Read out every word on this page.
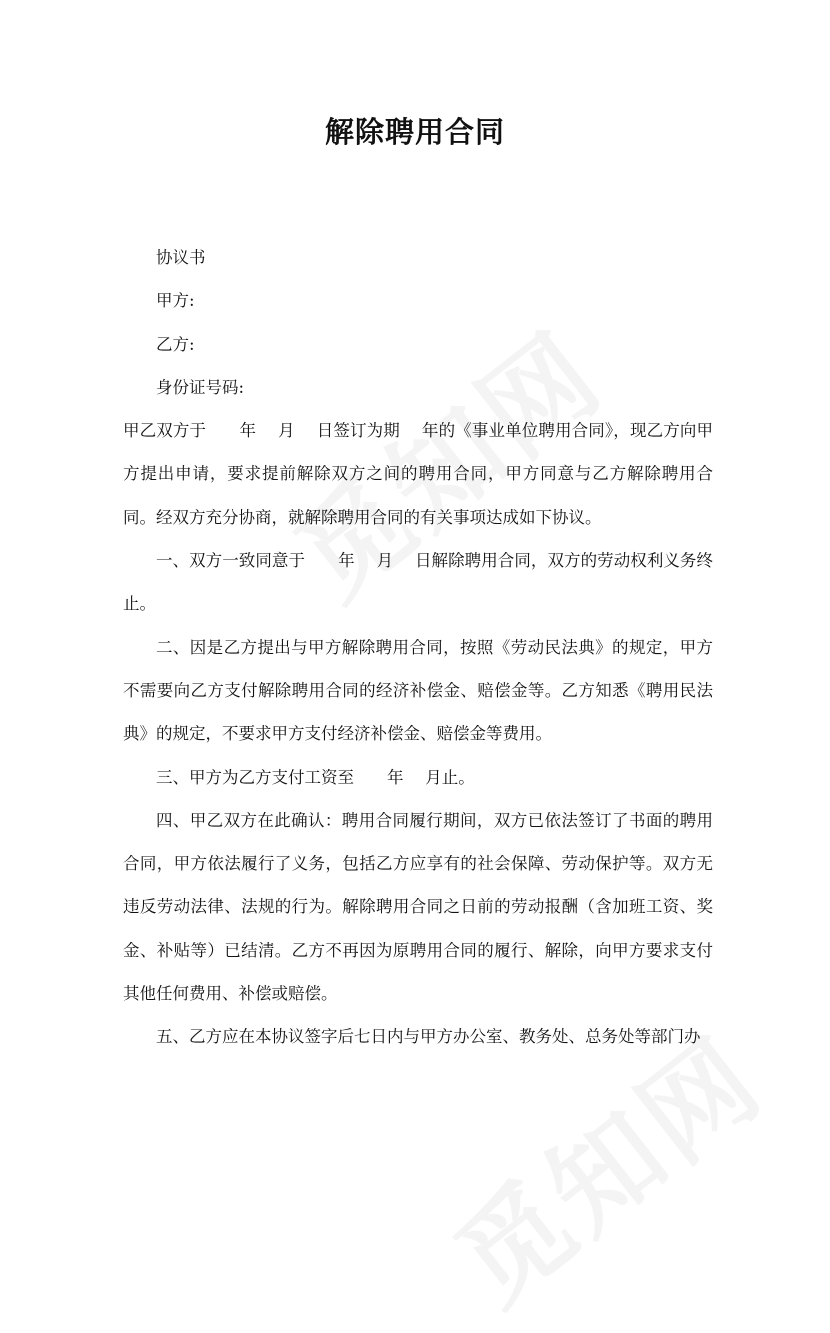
解除聘用合同

协议书

甲方:

乙方:

身份证号码:

甲乙双方于　　年　 月　 日签订为期　 年的《事业单位聘用合同》，现乙方向甲方提出申请，要求提前解除双方之间的聘用合同，甲方同意与乙方解除聘用合同。经双方充分协商，就解除聘用合同的有关事项达成如下协议。

一、双方一致同意于　　年　 月　 日解除聘用合同，双方的劳动权利义务终止。

二、因是乙方提出与甲方解除聘用合同，按照《劳动民法典》的规定，甲方不需要向乙方支付解除聘用合同的经济补偿金、赔偿金等。乙方知悉《聘用民法典》的规定，不要求甲方支付经济补偿金、赔偿金等费用。

三、甲方为乙方支付工资至　　年　 月止。

四、甲乙双方在此确认：聘用合同履行期间，双方已依法签订了书面的聘用合同，甲方依法履行了义务，包括乙方应享有的社会保障、劳动保护等。双方无违反劳动法律、法规的行为。解除聘用合同之日前的劳动报酬（含加班工资、奖金、补贴等）已结清。乙方不再因为原聘用合同的履行、解除，向甲方要求支付其他任何费用、补偿或赔偿。

五、乙方应在本协议签字后七日内与甲方办公室、教务处、总务处等部门办
